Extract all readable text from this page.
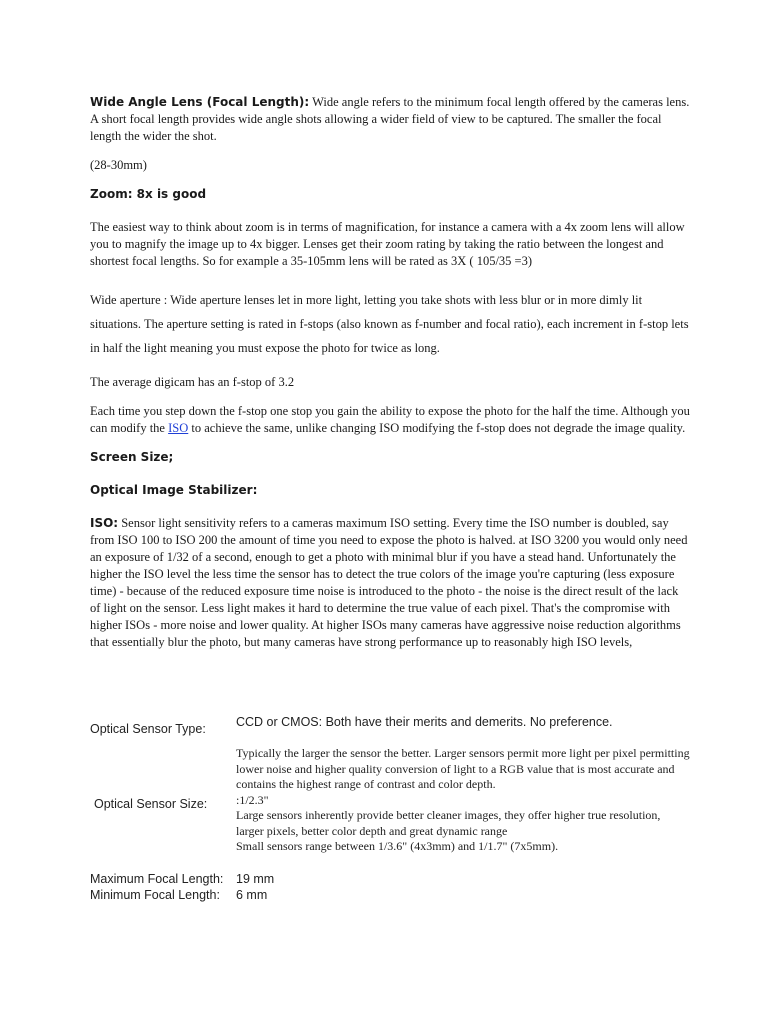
Wide Angle Lens (Focal Length): Wide angle refers to the minimum focal length offered by the cameras lens. A short focal length provides wide angle shots allowing a wider field of view to be captured. The smaller the focal length the wider the shot.

(28-30mm)

Zoom: 8x is good

The easiest way to think about zoom is in terms of magnification, for instance a camera with a 4x zoom lens will allow you to magnify the image up to 4x bigger. Lenses get their zoom rating by taking the ratio between the longest and shortest focal lengths. So for example a 35-105mm lens will be rated as 3X ( 105/35 =3)

Wide aperture : Wide aperture lenses let in more light, letting you take shots with less blur or in more dimly lit situations. The aperture setting is rated in f-stops (also known as f-number and focal ratio), each increment in f-stop lets in half the light meaning you must expose the photo for twice as long.

The average digicam has an f-stop of 3.2

Each time you step down the f-stop one stop you gain the ability to expose the photo for the half the time. Although you can modify the ISO to achieve the same, unlike changing ISO modifying the f-stop does not degrade the image quality.

Screen Size;

Optical Image Stabilizer:

ISO: Sensor light sensitivity refers to a cameras maximum ISO setting. Every time the ISO number is doubled, say from ISO 100 to ISO 200 the amount of time you need to expose the photo is halved. at ISO 3200 you would only need an exposure of 1/32 of a second, enough to get a photo with minimal blur if you have a stead hand. Unfortunately the higher the ISO level the less time the sensor has to detect the true colors of the image you're capturing (less exposure time) - because of the reduced exposure time noise is introduced to the photo - the noise is the direct result of the lack of light on the sensor. Less light makes it hard to determine the true value of each pixel. That's the compromise with higher ISOs - more noise and lower quality. At higher ISOs many cameras have aggressive noise reduction algorithms that essentially blur the photo, but many cameras have strong performance up to reasonably high ISO levels,

Optical Sensor Type:	CCD or CMOS: Both have their merits and demerits. No preference.
Optical Sensor Size:	Typically the larger the sensor the better. Larger sensors permit more light per pixel permitting lower noise and higher quality conversion of light to a RGB value that is most accurate and contains the highest range of contrast and color depth.
:1/2.3"
Large sensors inherently provide better cleaner images, they offer higher true resolution, larger pixels, better color depth and great dynamic range
Small sensors range between 1/3.6" (4x3mm) and 1/1.7" (7x5mm).

Maximum Focal Length:	19 mm
Minimum Focal Length:	6 mm
